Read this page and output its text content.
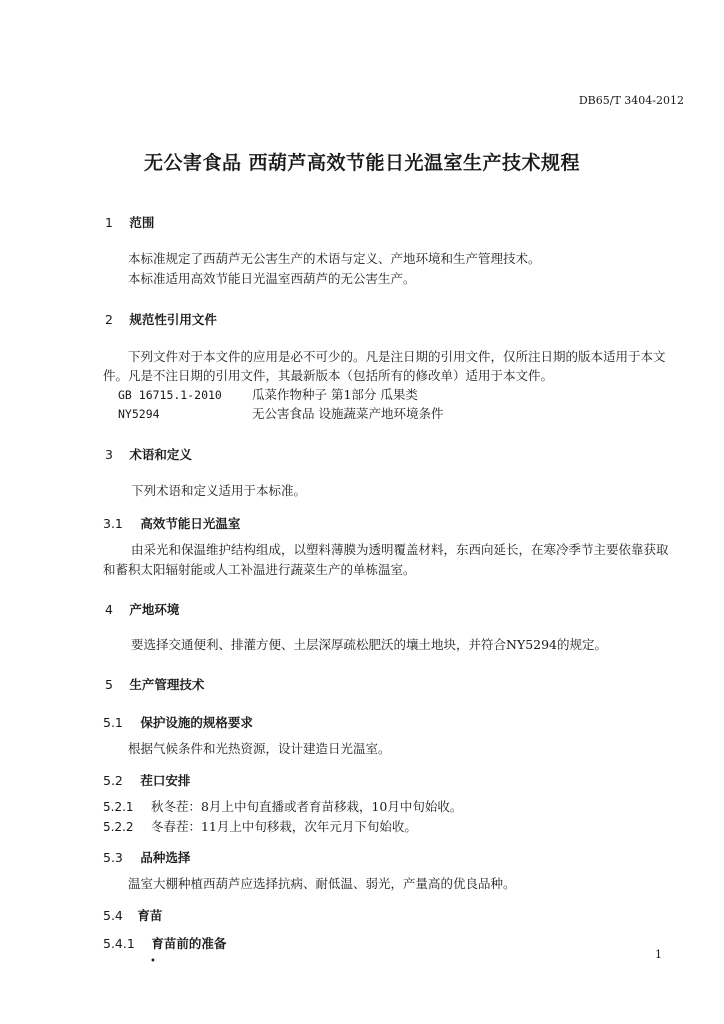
DB65/T 3404-2012
无公害食品 西葫芦高效节能日光温室生产技术规程
1 范围
本标准规定了西葫芦无公害生产的术语与定义、产地环境和生产管理技术。
本标准适用高效节能日光温室西葫芦的无公害生产。
2 规范性引用文件
下列文件对于本文件的应用是必不可少的。凡是注日期的引用文件，仅所注日期的版本适用于本文
件。凡是不注日期的引用文件，其最新版本（包括所有的修改单）适用于本文件。
GB 16715.1-2010 瓜菜作物种子 第1部分 瓜果类
NY5294	无公害食品 设施蔬菜产地环境条件
3 术语和定义
下列术语和定义适用于本标准。
3.1 高效节能日光温室
由采光和保温维护结构组成，以塑料薄膜为透明覆盖材料，东西向延长，在寒冷季节主要依靠获取
和蓄积太阳辐射能或人工补温进行蔬菜生产的单栋温室。
4 产地环境
要选择交通便利、排灌方便、土层深厚疏松肥沃的壤土地块，并符合NY5294的规定。
5 生产管理技术
5.1 保护设施的规格要求
根据气候条件和光热资源，设计建造日光温室。
5.2 茬口安排
5.2.1 秋冬茬：8月上中旬直播或者育苗移栽，10月中旬始收。
5.2.2 冬春茬：11月上中旬移栽，次年元月下旬始收。
5.3 品种选择
温室大棚种植西葫芦应选择抗病、耐低温、弱光，产量高的优良品种。
5.4 育苗
5.4.1 育苗前的准备
•
1
